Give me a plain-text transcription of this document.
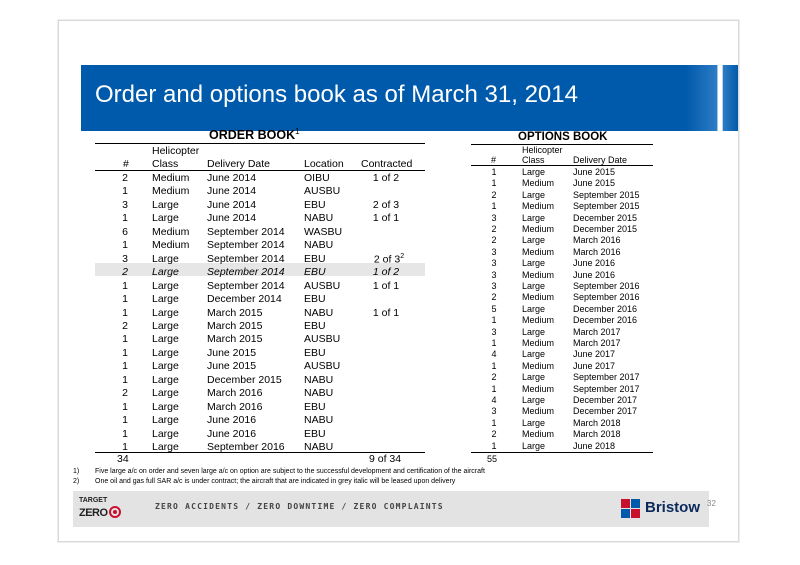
Order and options book as of March 31, 2014
ORDER BOOK$^1$
Helicopter
# Class	Delivery Date	Location Contracted
2	Medium June 2014	OIBU	1 of 2
1	Medium June 2014	AUSBU
3	Large	June 2014	EBU	2 of 3
1	Large	June 2014	NABU	1 of 1
6	Medium September 2014 WASBU
1	Medium September 2014 NABU
3	Large	September 2014 EBU	2 of $3^2$
2	Large	September 2014 EBU	1 of 2
1	Large	September 2014 AUSBU	1 of 1
1	Large	December 2014 EBU
1	Large	March 2015	NABU	1 of 1
2	Large	March 2015	EBU
1	Large	March 2015	AUSBU
1	Large	June 2015	EBU
1	Large	June 2015	AUSBU
1	Large	December 2015 NABU
2	Large	March 2016	NABU
1	Large	March 2016	EBU
1	Large	June 2016	NABU
1	Large	June 2016	EBU
1	Large	September 2016 NABU
34	9 of 34
OPTIONS BOOK
Helicopter
#	Class	Delivery Date
1	Large	June 2015
1	Medium June 2015
2	Large	September 2015
1	Medium September 2015
3	Large	December 2015
2	Medium December 2015
2	Large	March 2016
3	Medium March 2016
3	Large	June 2016
3	Medium June 2016
3	Large	September 2016
2	Medium September 2016
5	Large	December 2016
1	Medium December 2016
3	Large	March 2017
1	Medium March 2017
4	Large	June 2017
1	Medium June 2017
2	Large	September 2017
1	Medium September 2017
4	Large	December 2017
3	Medium December 2017
1	Large	March 2018
2	Medium March 2018
1	Large	June 2018
55
1) Five large a/c on order and seven large a/c on option are subject to the successful development and certification of the aircraft
2) One oil and gas full SAR a/c is under contract; the aircraft that are indicated in grey italic will be leased upon delivery
TARGET
ZERO
ZERO ACCIDENTS / ZERO DOWNTIME / ZERO COMPLAINTS	Bristow 32
